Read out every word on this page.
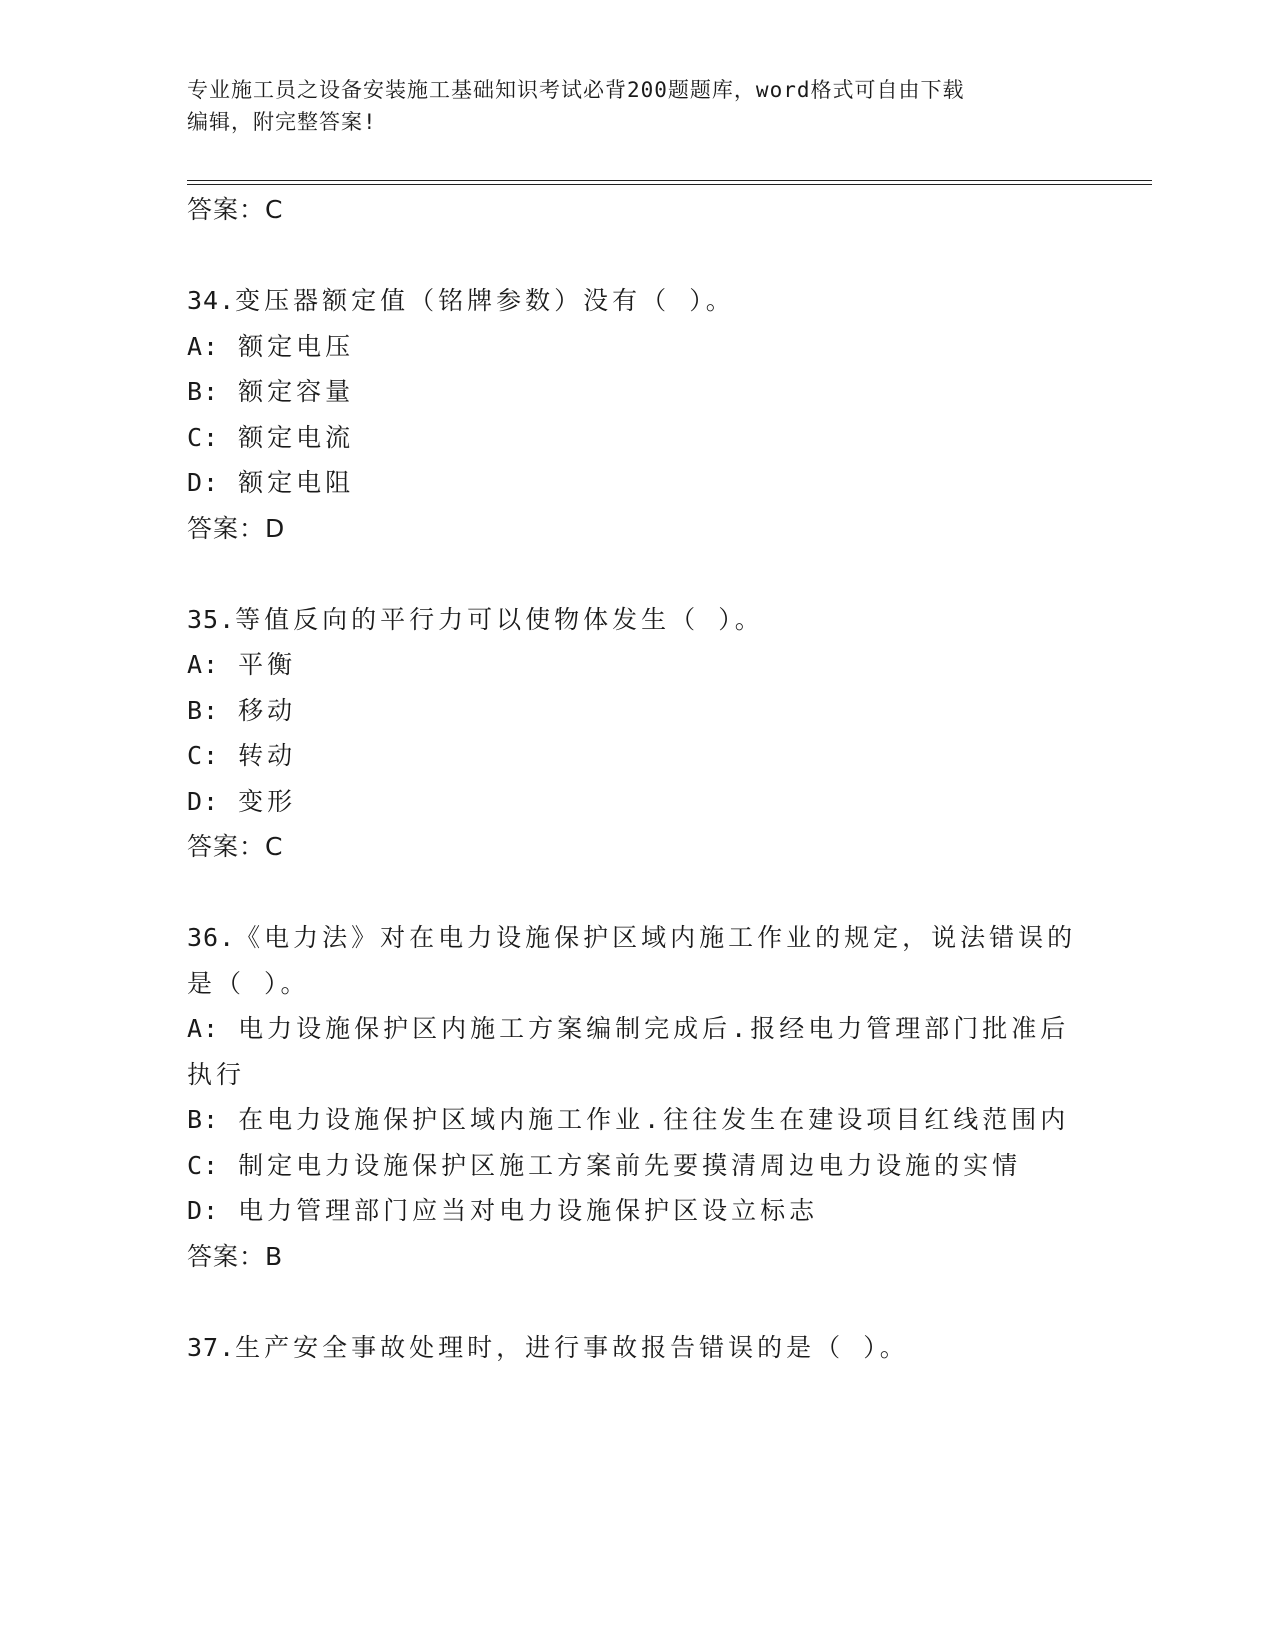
专业施工员之设备安装施工基础知识考试必背200题题库，word格式可自由下载
编辑，附完整答案!
答案：C
34.变压器额定值（铭牌参数）没有（ ）。
A: 额定电压
B: 额定容量
C: 额定电流
D: 额定电阻
答案：D
35.等值反向的平行力可以使物体发生（ ）。
A: 平衡
B: 移动
C: 转动
D: 变形
答案：C
36.《电力法》对在电力设施保护区域内施工作业的规定，说法错误的
是（ ）。
A: 电力设施保护区内施工方案编制完成后.报经电力管理部门批准后
执行
B: 在电力设施保护区域内施工作业.往往发生在建设项目红线范围内
C: 制定电力设施保护区施工方案前先要摸清周边电力设施的实情
D: 电力管理部门应当对电力设施保护区设立标志
答案：B
37.生产安全事故处理时，进行事故报告错误的是（ ）。
